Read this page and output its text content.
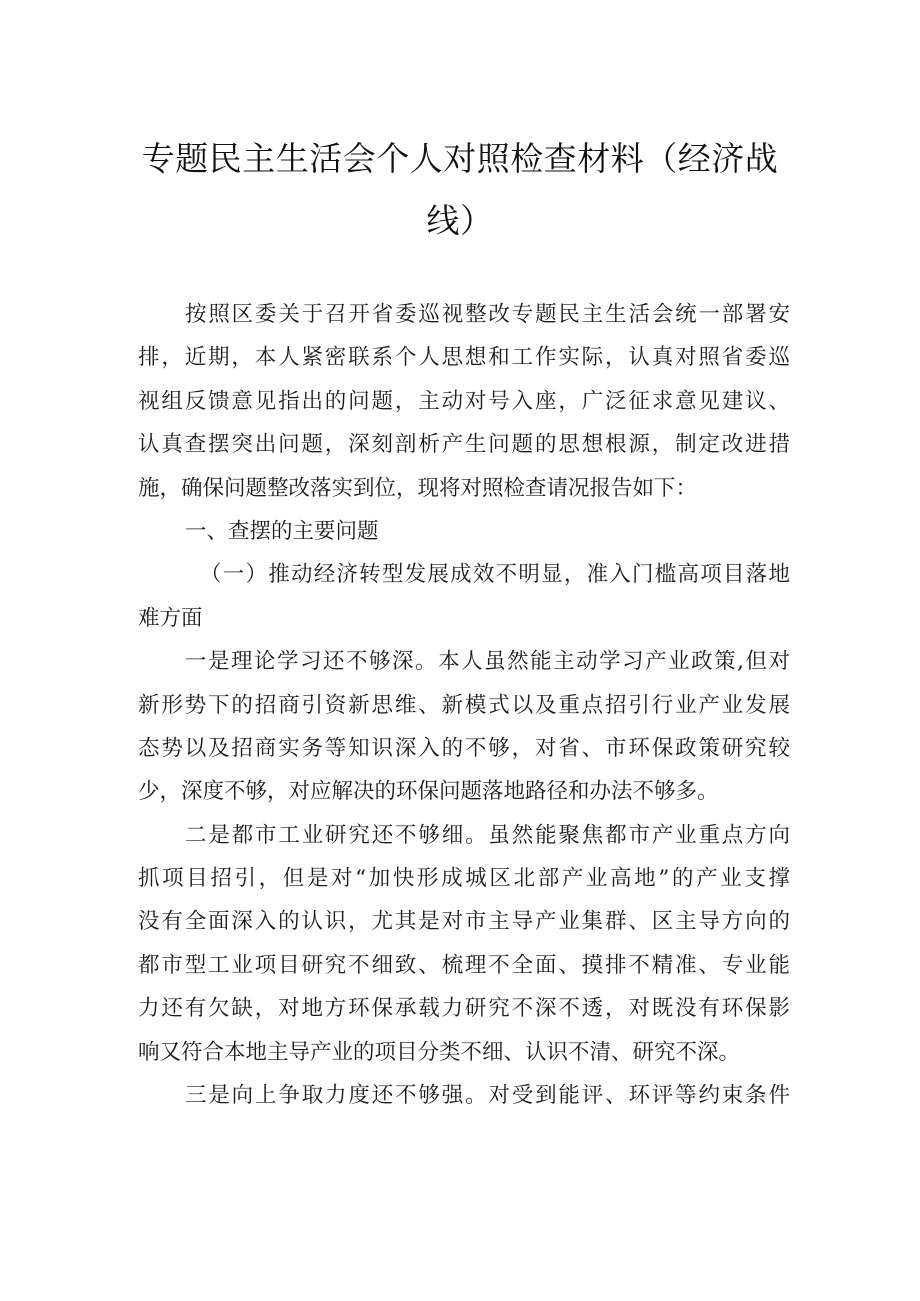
专题民主生活会个人对照检查材料（经济战
线）
按照区委关于召开省委巡视整改专题民主生活会统一部署安
排，近期，本人紧密联系个人思想和工作实际，认真对照省委巡
视组反馈意见指出的问题，主动对号入座，广泛征求意见建议、
认真查摆突出问题，深刻剖析产生问题的思想根源，制定改进措
施，确保问题整改落实到位，现将对照检查请况报告如下：
一、查摆的主要问题
（一）推动经济转型发展成效不明显，准入门槛高项目落地
难方面
一是理论学习还不够深。本人虽然能主动学习产业政策,但对
新形势下的招商引资新思维、新模式以及重点招引行业产业发展
态势以及招商实务等知识深入的不够，对省、市环保政策研究较
少，深度不够，对应解决的环保问题落地路径和办法不够多。
二是都市工业研究还不够细。虽然能聚焦都市产业重点方向
抓项目招引，但是对“加快形成城区北部产业高地”的产业支撑
没有全面深入的认识，尤其是对市主导产业集群、区主导方向的
都市型工业项目研究不细致、梳理不全面、摸排不精准、专业能
力还有欠缺，对地方环保承载力研究不深不透，对既没有环保影
响又符合本地主导产业的项目分类不细、认识不清、研究不深。
三是向上争取力度还不够强。对受到能评、环评等约束条件
